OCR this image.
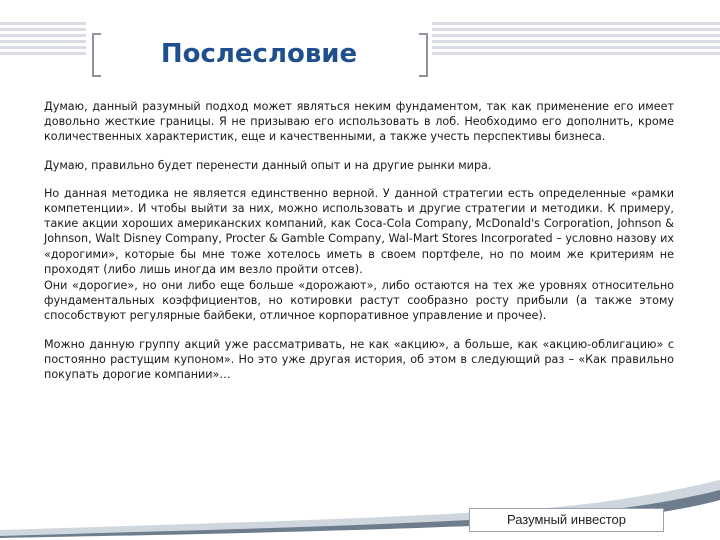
Послесловие

Думаю, данный разумный подход может являться неким фундаментом, так как применение его имеет довольно жесткие границы. Я не призываю его использовать в лоб. Необходимо его дополнить, кроме количественных характеристик, еще и качественными, а также учесть перспективы бизнеса.

Думаю, правильно будет перенести данный опыт и на другие рынки мира.

Но данная методика не является единственно верной. У данной стратегии есть определенные «рамки компетенции». И чтобы выйти за них, можно использовать и другие стратегии и методики. К примеру, такие акции хороших американских компаний, как Coca-Cola Company, McDonald's Corporation, Johnson & Johnson, Walt Disney Company, Procter & Gamble Company, Wal-Mart Stores Incorporated – условно назову их «дорогими», которые бы мне тоже хотелось иметь в своем портфеле, но по моим же критериям не проходят (либо лишь иногда им везло пройти отсев).

Они «дорогие», но они либо еще больше «дорожают», либо остаются на тех же уровнях относительно фундаментальных коэффициентов, но котировки растут сообразно росту прибыли (а также этому способствуют регулярные байбеки, отличное корпоративное управление и прочее).

Можно данную группу акций уже рассматривать, не как «акцию», а больше, как «акцию-облигацию» с постоянно растущим купоном». Но это уже другая история, об этом в следующий раз – «Как правильно покупать дорогие компании»…

Разумный инвестор
